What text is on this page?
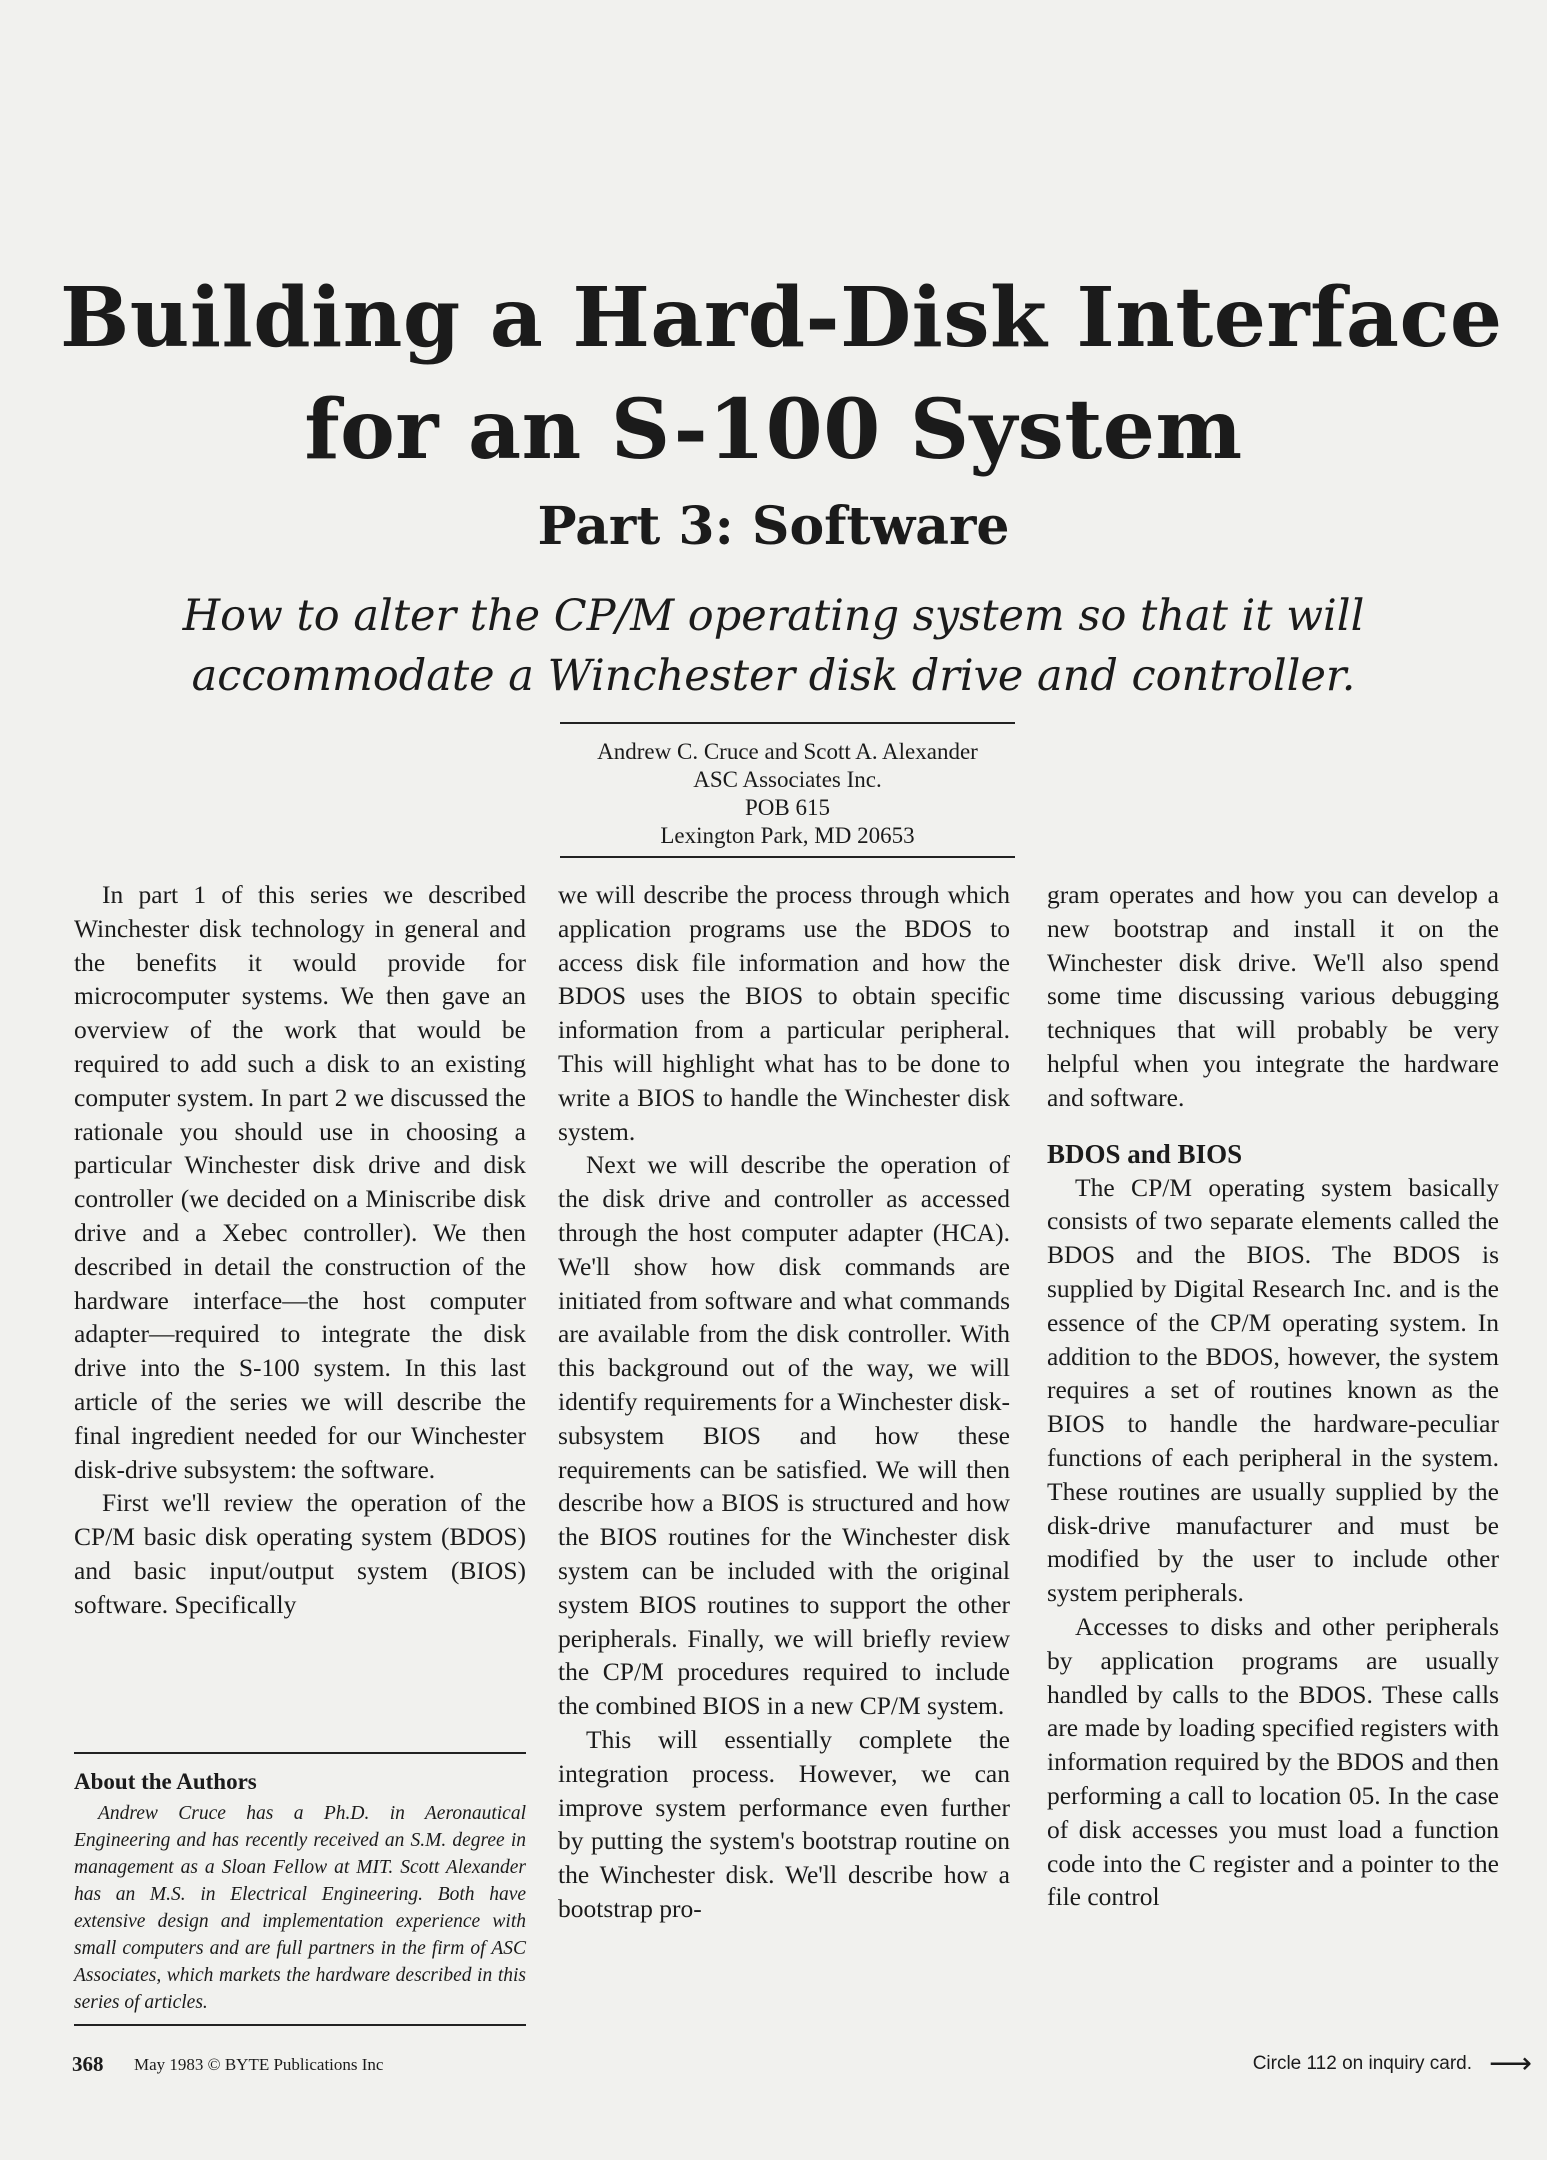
Building a Hard-Disk Interface
for an S-100 System
Part 3: Software
How to alter the CP/M operating system so that it will
accommodate a Winchester disk drive and controller.
Andrew C. Cruce and Scott A. Alexander
ASC Associates Inc.
POB 615
Lexington Park, MD 20653

In part 1 of this series we described Winchester disk technology in general and the benefits it would provide for microcomputer systems. We then gave an overview of the work that would be required to add such a disk to an existing computer system. In part 2 we discussed the rationale you should use in choosing a particular Winchester disk drive and disk controller (we decided on a Miniscribe disk drive and a Xebec controller). We then described in detail the construction of the hardware interface—the host computer adapter—required to integrate the disk drive into the S-100 system. In this last article of the series we will describe the final ingredient needed for our Winchester disk-drive subsystem: the software.

First we'll review the operation of the CP/M basic disk operating system (BDOS) and basic input/output system (BIOS) software. Specifically

we will describe the process through which application programs use the BDOS to access disk file information and how the BDOS uses the BIOS to obtain specific information from a particular peripheral. This will highlight what has to be done to write a BIOS to handle the Winchester disk system.

Next we will describe the operation of the disk drive and controller as accessed through the host computer adapter (HCA). We'll show how disk commands are initiated from software and what commands are available from the disk controller. With this background out of the way, we will identify requirements for a Winchester disk-subsystem BIOS and how these requirements can be satisfied. We will then describe how a BIOS is structured and how the BIOS routines for the Winchester disk system can be included with the original system BIOS routines to support the other peripherals. Finally, we will briefly review the CP/M procedures required to include the combined BIOS in a new CP/M system.

This will essentially complete the integration process. However, we can improve system performance even further by putting the system's bootstrap routine on the Winchester disk. We'll describe how a bootstrap pro-

gram operates and how you can develop a new bootstrap and install it on the Winchester disk drive. We'll also spend some time discussing various debugging techniques that will probably be very helpful when you integrate the hardware and software.

BDOS and BIOS

The CP/M operating system basically consists of two separate elements called the BDOS and the BIOS. The BDOS is supplied by Digital Research Inc. and is the essence of the CP/M operating system. In addition to the BDOS, however, the system requires a set of routines known as the BIOS to handle the hardware-peculiar functions of each peripheral in the system. These routines are usually supplied by the disk-drive manufacturer and must be modified by the user to include other system peripherals.

Accesses to disks and other peripherals by application programs are usually handled by calls to the BDOS. These calls are made by loading specified registers with information required by the BDOS and then performing a call to location 05. In the case of disk accesses you must load a function code into the C register and a pointer to the file control

About the Authors

Andrew Cruce has a Ph.D. in Aeronautical Engineering and has recently received an S.M. degree in management as a Sloan Fellow at MIT. Scott Alexander has an M.S. in Electrical Engineering. Both have extensive design and implementation experience with small computers and are full partners in the firm of ASC Associates, which markets the hardware described in this series of articles.

368 May 1983 © BYTE Publications Inc	Circle 112 on inquiry card. ⟶
